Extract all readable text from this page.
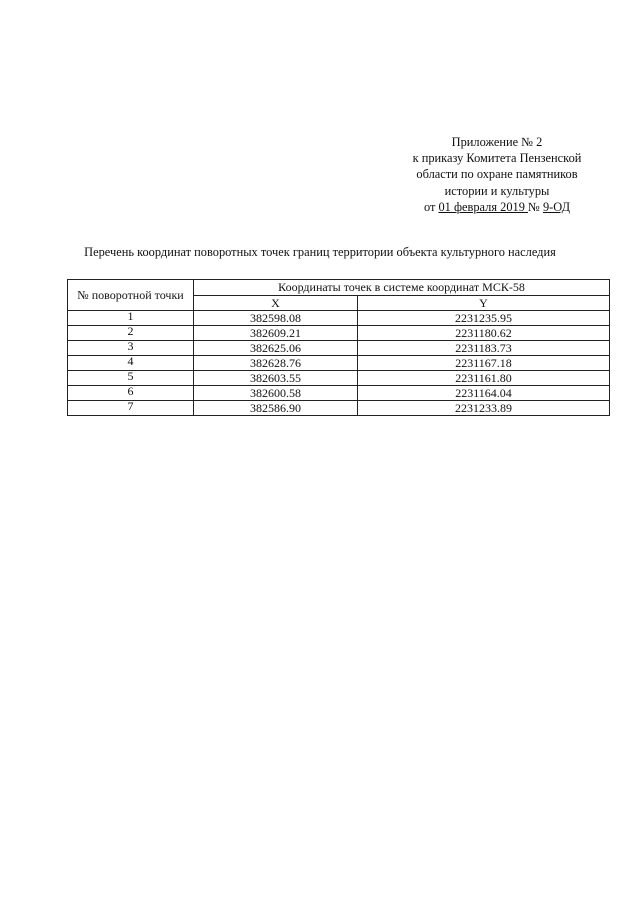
Приложение № 2
к приказу Комитета Пензенской
области по охране памятников
истории и культуры
от 01 февраля 2019 № 9-ОД
Перечень координат поворотных точек границ территории объекта культурного наследия
№ поворотной точки	Координаты точек в системе координат МСК-58	
	X	Y
1	382598.08	2231235.95
2	382609.21	2231180.62
3	382625.06	2231183.73
4	382628.76	2231167.18
5	382603.55	2231161.80
6	382600.58	2231164.04
7	382586.90	2231233.89
